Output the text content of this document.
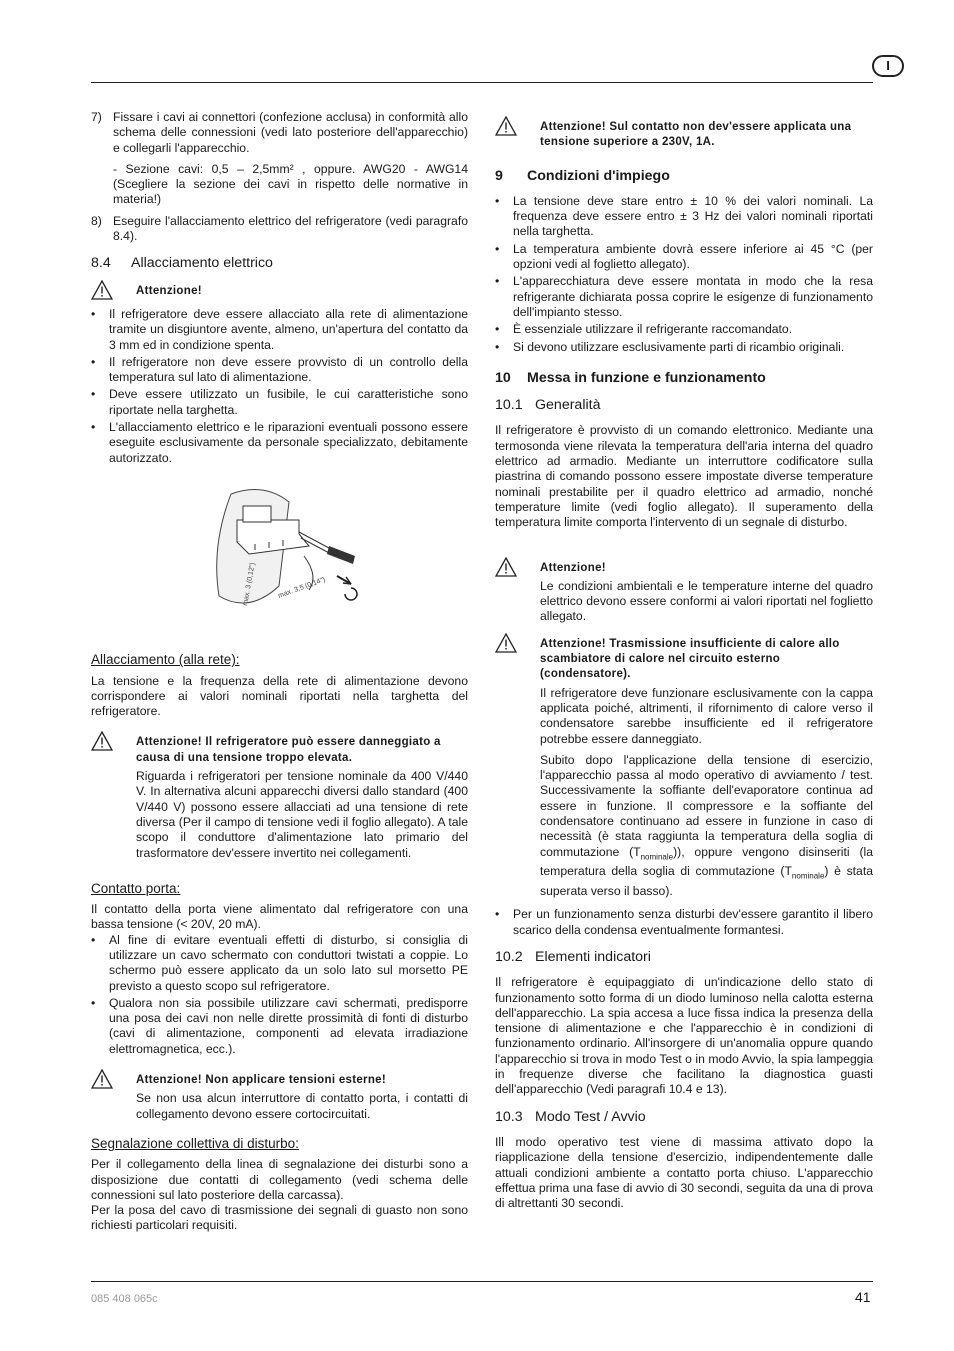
I
085 408 065c	41
7) Fissare i cavi ai connettori (confezione acclusa) in conformità allo schema delle connessioni (vedi lato posteriore dell'apparecchio) e collegarli l'apparecchio.
- Sezione cavi: 0,5 – 2,5mm² , oppure. AWG20 - AWG14 (Scegliere la sezione dei cavi in rispetto delle normative in materia!)
8) Eseguire l'allacciamento elettrico del refrigeratore (vedi paragrafo 8.4).
8.4 Allacciamento elettrico
Attenzione!
• Il refrigeratore deve essere allacciato alla rete di alimentazione tramite un disgiuntore avente, almeno, un'apertura del contatto da 3 mm ed in condizione spenta.
• Il refrigeratore non deve essere provvisto di un controllo della temperatura sul lato di alimentazione.
• Deve essere utilizzato un fusibile, le cui caratteristiche sono riportate nella targhetta.
• L'allacciamento elettrico e le riparazioni eventuali possono essere eseguite esclusivamente da personale specializzato, debitamente autorizzato.
max. 3 (0,12")	max. 3,5 (0,14")
Allacciamento (alla rete):

La tensione e la frequenza della rete di alimentazione devono corrispondere ai valori nominali riportati nella targhetta del refrigeratore.

Attenzione! Il refrigeratore può essere danneggiato a causa di una tensione troppo elevata.

Riguarda i refrigeratori per tensione nominale da 400 V/440 V. In alternativa alcuni apparecchi diversi dallo standard (400 V/440 V) possono essere allacciati ad una tensione di rete diversa (Per il campo di tensione vedi il foglio allegato). A tale scopo il conduttore d'alimentazione lato primario del trasformatore dev'essere invertito nei collegamenti.

Contatto porta:

Il contatto della porta viene alimentato dal refrigeratore con una bassa tensione (< 20V, 20 mA).

• Al fine di evitare eventuali effetti di disturbo, si consiglia di utilizzare un cavo schermato con conduttori twistati a coppie. Lo schermo può essere applicato da un solo lato sul morsetto PE previsto a questo scopo sul refrigeratore.
• Qualora non sia possibile utilizzare cavi schermati, predisporre una posa dei cavi non nelle dirette prossimità di fonti di disturbo (cavi di alimentazione, componenti ad elevata irradiazione elettromagnetica, ecc.).
Attenzione! Non applicare tensioni esterne!

Se non usa alcun interruttore di contatto porta, i contatti di collegamento devono essere cortocircuitati.

Segnalazione collettiva di disturbo:

Per il collegamento della linea di segnalazione dei disturbi sono a disposizione due contatti di collegamento (vedi schema delle connessioni sul lato posteriore della carcassa).

Per la posa del cavo di trasmissione dei segnali di guasto non sono richiesti particolari requisiti.

Attenzione! Sul contatto non dev'essere applicata una tensione superiore a 230V, 1A.
9 Condizioni d'impiego
• La tensione deve stare entro ± 10 % dei valori nominali. La frequenza deve essere entro ± 3 Hz dei valori nominali riportati nella targhetta.
• La temperatura ambiente dovrà essere inferiore ai 45 °C (per opzioni vedi al foglietto allegato).
• L'apparecchiatura deve essere montata in modo che la resa refrigerante dichiarata possa coprire le esigenze di funzionamento dell'impianto stesso.
• È essenziale utilizzare il refrigerante raccomandato.
• Si devono utilizzare esclusivamente parti di ricambio originali.
10 Messa in funzione e funzionamento
10.1 Generalità

Il refrigeratore è provvisto di un comando elettronico. Mediante una termosonda viene rilevata la temperatura dell'aria interna del quadro elettrico ad armadio. Mediante un interruttore codificatore sulla piastrina di comando possono essere impostate diverse temperature nominali prestabilite per il quadro elettrico ad armadio, nonché temperature limite (vedi foglio allegato). Il superamento della temperatura limite comporta l'intervento di un segnale di disturbo.

Attenzione!

Le condizioni ambientali e le temperature interne del quadro elettrico devono essere conformi ai valori riportati nel foglietto allegato.

Attenzione! Trasmissione insufficiente di calore allo scambiatore di calore nel circuito esterno (condensatore).

Il refrigeratore deve funzionare esclusivamente con la cappa applicata poiché, altrimenti, il rifornimento di calore verso il condensatore sarebbe insufficiente ed il refrigeratore potrebbe essere danneggiato.

Subito dopo l'applicazione della tensione di esercizio, l'apparecchio passa al modo operativo di avviamento / test. Successivamente la soffiante dell'evaporatore continua ad essere in funzione. Il compressore e la soffiante del condensatore continuano ad essere in funzione in caso di necessità (è stata raggiunta la temperatura della soglia di commutazione $(T_{nominale})$), oppure vengono disinseriti (la temperatura della soglia di commutazione $(T_{nominale})$ è stata superata verso il basso).

• Per un funzionamento senza disturbi dev'essere garantito il libero scarico della condensa eventualmente formantesi.
10.2 Elementi indicatori

Il refrigeratore è equipaggiato di un'indicazione dello stato di funzionamento sotto forma di un diodo luminoso nella calotta esterna dell'apparecchio. La spia accesa a luce fissa indica la presenza della tensione di alimentazione e che l'apparecchio è in condizioni di funzionamento ordinario. All'insorgere di un'anomalia oppure quando l'apparecchio si trova in modo Test o in modo Avvio, la spia lampeggia in frequenze diverse che facilitano la diagnostica guasti dell'apparecchio (Vedi paragrafi 10.4 e 13).

10.3 Modo Test / Avvio

Ill modo operativo test viene di massima attivato dopo la riapplicazione della tensione d'esercizio, indipendentemente dalle attuali condizioni ambiente a contatto porta chiuso. L'apparecchio effettua prima una fase di avvio di 30 secondi, seguita da una di prova di altrettanti 30 secondi.
